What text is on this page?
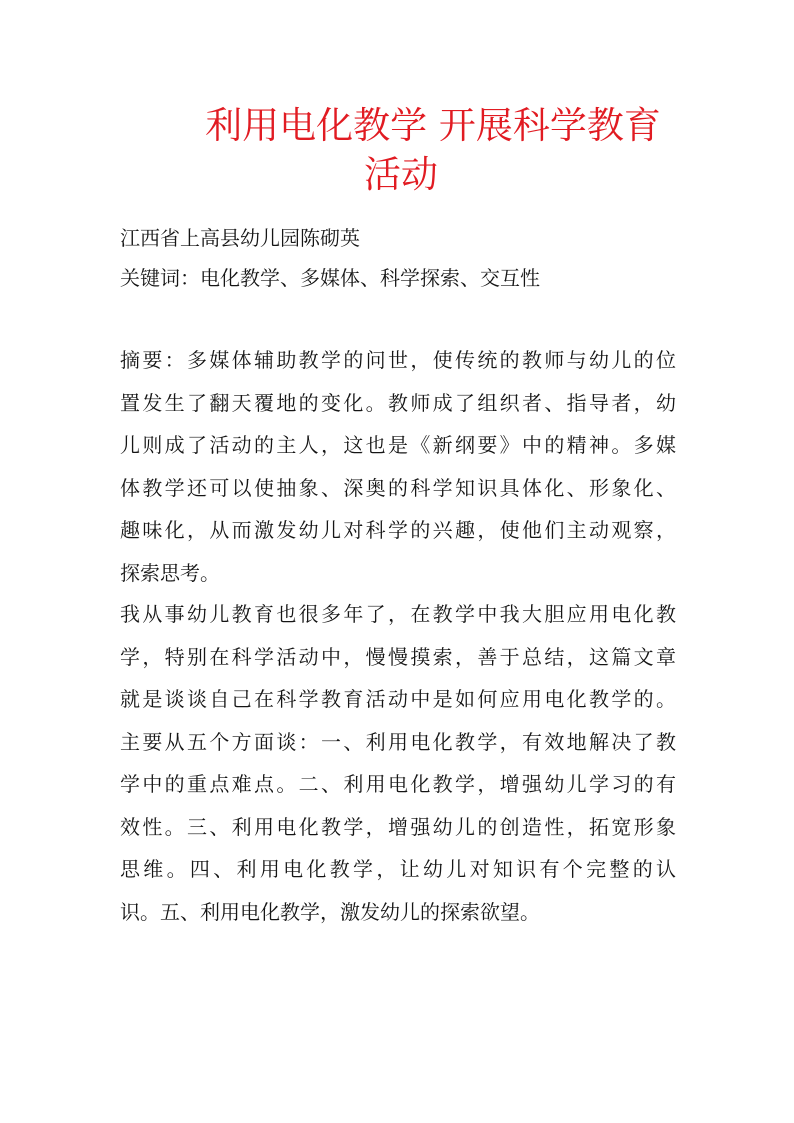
利用电化教学 开展科学教育
活动

江西省上高县幼儿园陈砌英

关键词：电化教学、多媒体、科学探索、交互性

摘要：多媒体辅助教学的问世，使传统的教师与幼儿的位
置发生了翻天覆地的变化。教师成了组织者、指导者，幼
儿则成了活动的主人，这也是《新纲要》中的精神。多媒
体教学还可以使抽象、深奥的科学知识具体化、形象化、
趣味化，从而激发幼儿对科学的兴趣，使他们主动观察，
探索思考。
我从事幼儿教育也很多年了，在教学中我大胆应用电化教
学，特别在科学活动中，慢慢摸索，善于总结，这篇文章
就是谈谈自己在科学教育活动中是如何应用电化教学的。
主要从五个方面谈：一、利用电化教学，有效地解决了教
学中的重点难点。二、利用电化教学，增强幼儿学习的有
效性。三、利用电化教学，增强幼儿的创造性，拓宽形象
思维。四、利用电化教学，让幼儿对知识有个完整的认
识。五、利用电化教学，激发幼儿的探索欲望。
